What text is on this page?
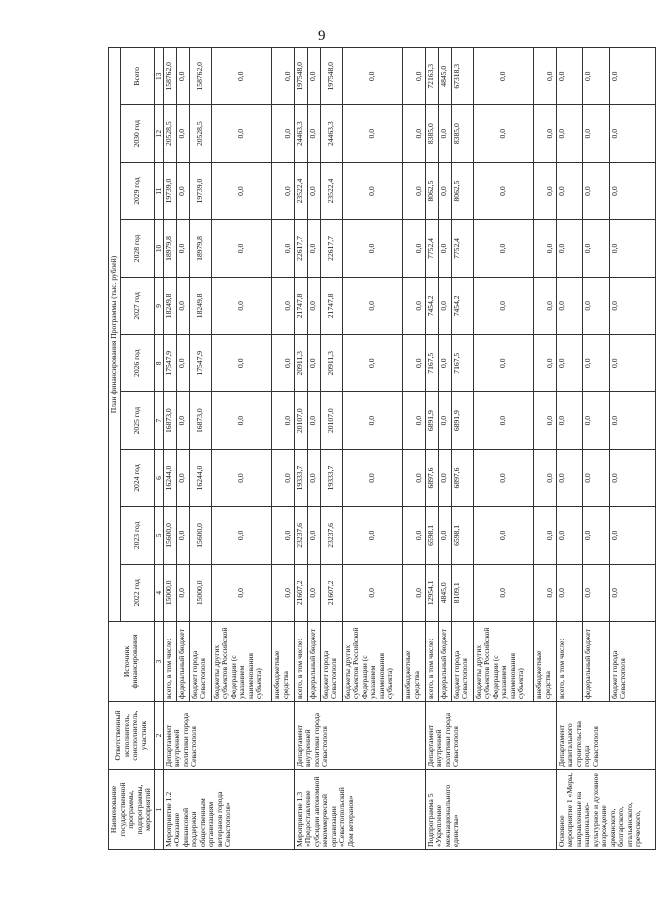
9
Наименование государственной программы, подпрограммы, мероприятий	Ответственный исполнитель, соисполнитель, участник	Источник финансирования	План финансирования Программы (тыс. рублей)									
			2022 год	2023 год	2024 год	2025 год	2026 год	2027 год	2028 год	2029 год	2030 год	Всего

1	2	3	4	5	6	7	8	9	10	11	12	13
Мероприятие 1.2 «Оказание финансовой поддержки общественным организациям ветеранов города Севастополя»	Департамент внутренней политики города Севастополя	всего, в том числе:	15000,0	15600,0	16244,0	16873,0	17547,9	18249,8	18979,8	19739,0	20528,5	158762,0
		федеральный бюджет	0,0	0,0	0,0	0,0	0,0	0,0	0,0	0,0	0,0	0,0
		бюджет города Севастополя	15000,0	15600,0	16244,0	16873,0	17547,9	18249,8	18979,8	19739,0	20528,5	158762,0
		бюджеты других субъектов Российской Федерации (с указанием наименования субъекта)	0,0	0,0	0,0	0,0	0,0	0,0	0,0	0,0	0,0	0,0
		внебюджетные средства	0,0	0,0	0,0	0,0	0,0	0,0	0,0	0,0	0,0	0,0
Мероприятие 1.3 «Предоставление субсидии автономной некоммерческой организации «Севастопольский Дом ветеранов»	Департамент внутренней политики города Севастополя	всего, в том числе:	21607,2	23237,6	19333,7	20107,0	20911,3	21747,8	22617,7	23522,4	24463,3	197548,0
		федеральный бюджет	0,0	0,0	0,0	0,0	0,0	0,0	0,0	0,0	0,0	0,0
		бюджет города Севастополя	21607,2	23237,6	19333,7	20107,0	20911,3	21747,8	22617,7	23522,4	24463,3	197548,0
		бюджеты других субъектов Российской Федерации (с указанием наименования субъекта)	0,0	0,0	0,0	0,0	0,0	0,0	0,0	0,0	0,0	0,0
		внебюджетные средства	0,0	0,0	0,0	0,0	0,0	0,0	0,0	0,0	0,0	0,0
Подпрограмма 5 «Укрепление межнационального единства»	Департамент внутренней политики города Севастополя	всего, в том числе:	12954,1	6598,1	6897,6	6891,9	7167,5	7454,2	7752,4	8062,5	8385,0	72163,3
		федеральный бюджет	4845,0	0,0	0,0	0,0	0,0	0,0	0,0	0,0	0,0	4845,0
		бюджет города Севастополя	8109,1	6598,1	6897,6	6891,9	7167,5	7454,2	7752,4	8062,5	8385,0	67318,3
		бюджеты других субъектов Российской Федерации (с указанием наименования субъекта)	0,0	0,0	0,0	0,0	0,0	0,0	0,0	0,0	0,0	0,0
		внебюджетные средства	0,0	0,0	0,0	0,0	0,0	0,0	0,0	0,0	0,0	0,0
Основное мероприятие 1 «Меры, направленные на национально-культурное и духовное возрождение армянского, болгарского, итальянского, греческого,	Департамент капитального строительства города Севастополя	всего, в том числе:	0,0	0,0	0,0	0,0	0,0	0,0	0,0	0,0	0,0	0,0
		федеральный бюджет	0,0	0,0	0,0	0,0	0,0	0,0	0,0	0,0	0,0	0,0
		бюджет города Севастополя	0,0	0,0	0,0	0,0	0,0	0,0	0,0	0,0	0,0	0,0
